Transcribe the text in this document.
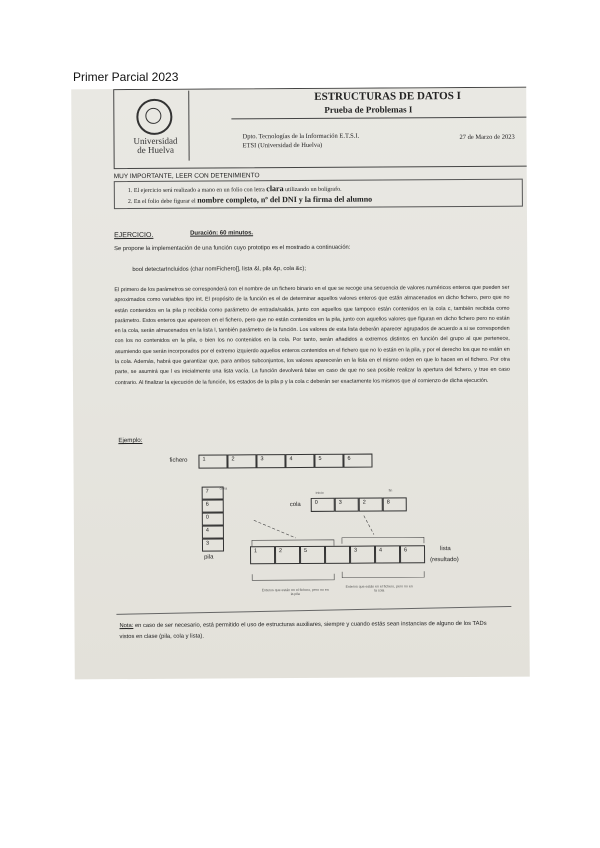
Primer Parcial 2023
ESTRUCTURAS DE DATOS I
Prueba de Problemas I
Dpto. Tecnologías de la Información E.T.S.I.
ETSI (Universidad de Huelva)
27 de Marzo de 2023
Universidad
de Huelva
MUY IMPORTANTE, LEER CON DETENIMIENTO
1. El ejercicio será realizado a mano en un folio con letra clara utilizando un bolígrafo.
2. En el folio debe figurar el nombre completo, nº del DNI y la firma del alumno
EJERCICIO.	Duración: 60 minutos.
Se propone la implementación de una función cuyo prototipo es el mostrado a continuación:
bool detectarIncluidos (char nomFichero[], lista &l, pila &p, cola &c);
El primero de los parámetros se corresponderá con el nombre de un fichero binario en el que se recoge una secuencia de valores numéricos enteros que pueden ser aproximados como variables tipo int. El propósito de la función es el de determinar aquellos valores enteros que están almacenados en dicho fichero, pero que no están contenidos en la pila p recibida como parámetro de entrada/salida, junto con aquellos que tampoco están contenidos en la cola c, también recibida como parámetro. Estos enteros que aparecen en el fichero, pero que no están contenidos en la pila, junto con aquellos valores que figuran en dicho fichero pero no están en la cola, serán almacenados en la lista l, también parámetro de la función. Los valores de esta lista deberán aparecer agrupados de acuerdo a si se corresponden con los no contenidos en la pila, o bien los no contenidos en la cola. Por tanto, serán añadidos a extremos distintos en función del grupo al que pertenece, asumiendo que serán incorporados por el extremo izquierdo aquellos enteros contenidos en el fichero que no lo están en la pila, y por el derecho los que no están en la cola. Además, habrá que garantizar que, para ambos subconjuntos, los valores aparecerán en la lista en el mismo orden en que lo hacen en el fichero. Por otra parte, se asumirá que l es inicialmente una lista vacía. La función devolverá false en caso de que no sea posible realizar la apertura del fichero, y true en caso contrario. Al finalizar la ejecución de la función, los estados de la pila p y la cola c deberán ser exactamente los mismos que al comienzo de dicha ejecución.
Ejemplo:
fichero	1	2	3	4	5	6
cima
7
6
0
4
3
pila
cola
inicio
fin
0	3	2	8
lista
(resultado)
1	2	5	3	4	6
Enteros que están en el fichero, pero no en la pila
Enteros que están en el fichero, pero no en la cola
Nota: en caso de ser necesario, está permitido el uso de estructuras auxiliares, siempre y cuando estás sean instancias de alguno de los TADs vistos en clase (pila, cola y lista).
